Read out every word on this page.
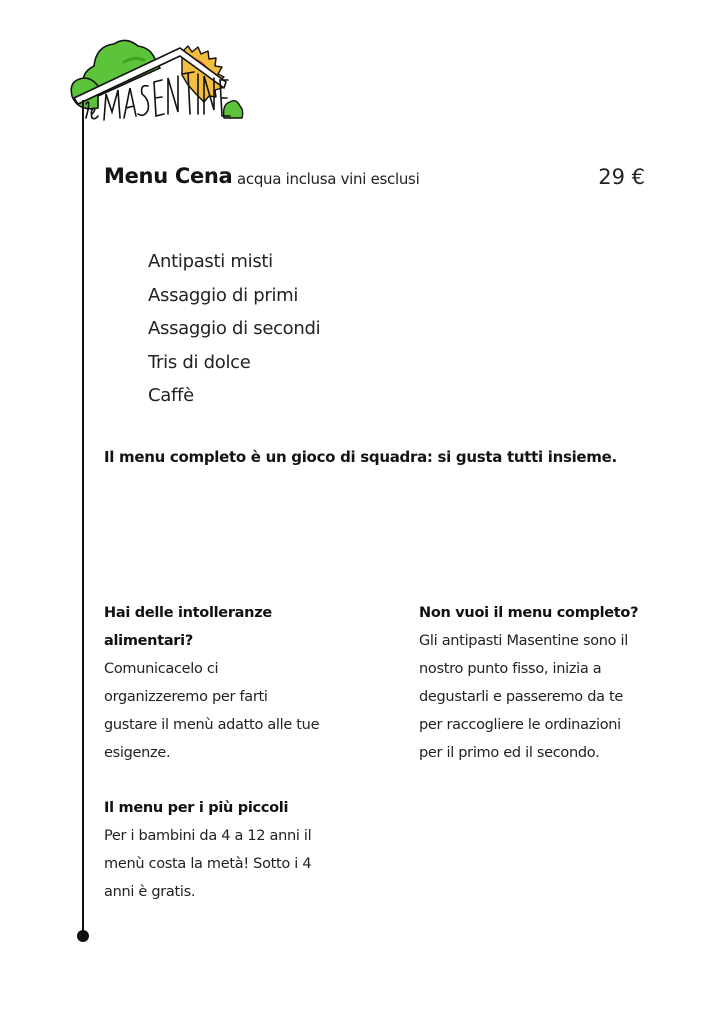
Menu Cena acqua inclusa vini esclusi	29 €
Antipasti misti
Assaggio di primi
Assaggio di secondi
Tris di dolce
Caffè
Il menu completo è un gioco di squadra: si gusta tutti insieme.
Hai delle intolleranze
alimentari?
Comunicacelo ci
organizzeremo per farti
gustare il menù adatto alle tue
esigenze.
Non vuoi il menu completo?
Gli antipasti Masentine sono il
nostro punto fisso, inizia a
degustarli e passeremo da te
per raccogliere le ordinazioni
per il primo ed il secondo.
Il menu per i più piccoli
Per i bambini da 4 a 12 anni il
menù costa la metà! Sotto i 4
anni è gratis.
